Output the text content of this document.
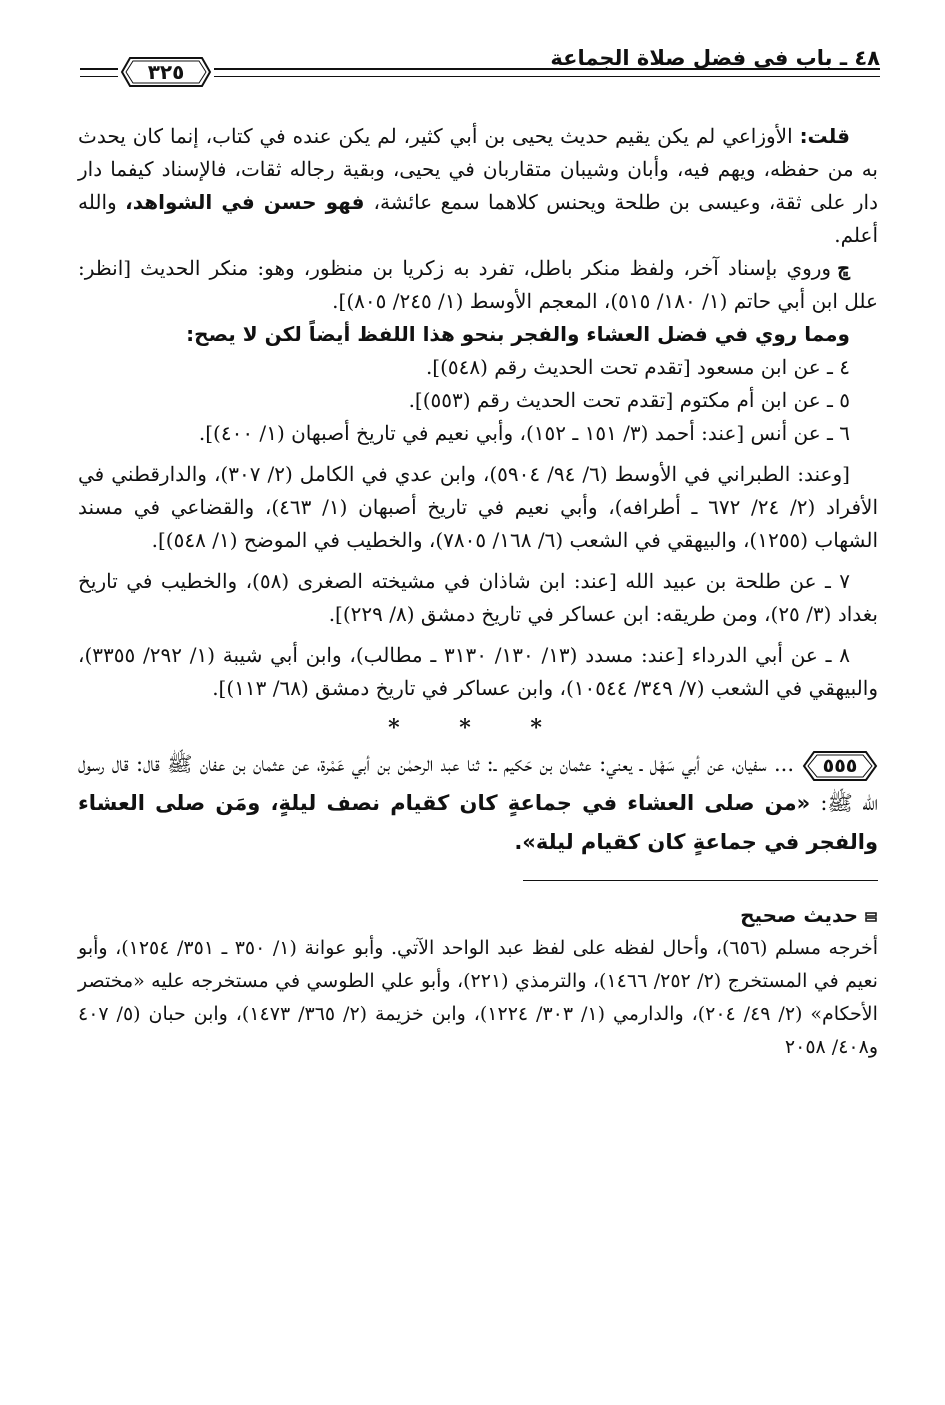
٤٨ ـ باب في فضل صلاة الجماعة
٣٢٥

قلت: الأوزاعي لم يكن يقيم حديث يحيى بن أبي كثير، لم يكن عنده في كتاب، إنما كان يحدث به من حفظه، ويهم فيه، وأبان وشيبان متقاربان في يحيى، وبقية رجاله ثقات، فالإسناد كيفما دار دار على ثقة، وعيسى بن طلحة ويحنس كلاهما سمع عائشة، فهو حسن في الشواهد، والله أعلم.

ﭾوروي بإسناد آخر، ولفظ منكر باطل، تفرد به زكريا بن منظور، وهو: منكر الحديث [انظر: علل ابن أبي حاتم (١/ ١٨٠/ ٥١٥)، المعجم الأوسط (١/ ٢٤٥/ ٨٠٥)].

ومما روي في فضل العشاء والفجر بنحو هذا اللفظ أيضاً لكن لا يصح:

٤ ـ عن ابن مسعود [تقدم تحت الحديث رقم (٥٤٨)].

٥ ـ عن ابن أم مكتوم [تقدم تحت الحديث رقم (٥٥٣)].

٦ ـ عن أنس [عند: أحمد (٣/ ١٥١ ـ ١٥٢)، وأبي نعيم في تاريخ أصبهان (١/ ٤٠٠)].

[وعند: الطبراني في الأوسط (٦/ ٩٤/ ٥٩٠٤)، وابن عدي في الكامل (٢/ ٣٠٧)، والدارقطني في الأفراد (٢/ ٢٤/ ٦٧٢ ـ أطرافه)، وأبي نعيم في تاريخ أصبهان (١/ ٤٦٣)، والقضاعي في مسند الشهاب (١٢٥٥)، والبيهقي في الشعب (٦/ ١٦٨/ ٧٨٠٥)، والخطيب في الموضح (١/ ٥٤٨)].

٧ ـ عن طلحة بن عبيد الله [عند: ابن شاذان في مشيخته الصغرى (٥٨)، والخطيب في تاريخ بغداد (٣/ ٢٥)، ومن طريقه: ابن عساكر في تاريخ دمشق (٨/ ٢٢٩)].

٨ ـ عن أبي الدرداء [عند: مسدد (١٣/ ١٣٠/ ٣١٣٠ ـ مطالب)، وابن أبي شيبة (١/ ٢٩٢/ ٣٣٥٥)، والبيهقي في الشعب (٧/ ٣٤٩/ ١٠٥٤٤)، وابن عساكر في تاريخ دمشق (٦٨/ ١١٣)].

* * *

٥٥٥
... سفيان، عن أبي سَهْل ـ يعني: عثمان بن حَكيم ـ: ثنا عبد الرحمٰن بن أبي عَمْرة، عن عثمان بن عفان ﷺ قال: قال رسول الله ﷺ: «من صلى العشاء في جماعةٍ كان كقيام نصف ليلةٍ، ومَن صلى العشاء والفجر في جماعةٍ كان كقيام ليلة».

حديث صحيح

أخرجه مسلم (٦٥٦)، وأحال لفظه على لفظ عبد الواحد الآتي. وأبو عوانة (١/ ٣٥٠ ـ ٣٥١/ ١٢٥٤)، وأبو نعيم في المستخرج (٢/ ٢٥٢/ ١٤٦٦)، والترمذي (٢٢١)، وأبو علي الطوسي في مستخرجه عليه «مختصر الأحكام» (٢/ ٤٩/ ٢٠٤)، والدارمي (١/ ٣٠٣/ ١٢٢٤)، وابن خزيمة (٢/ ٣٦٥/ ١٤٧٣)، وابن حبان (٥/ ٤٠٧ و٤٠٨/ ٢٠٥٨
